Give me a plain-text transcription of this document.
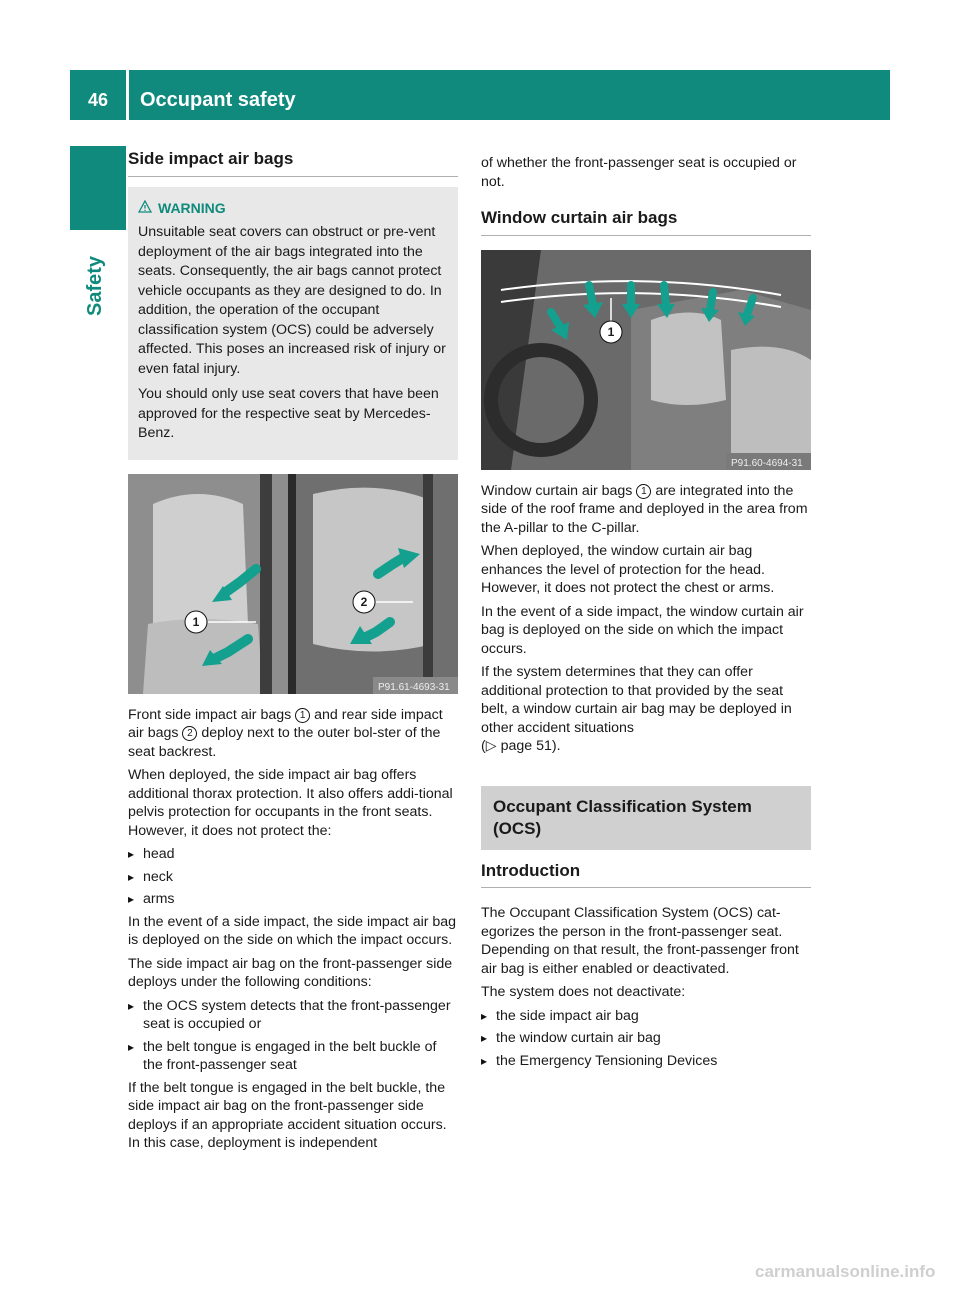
46	Occupant safety
Safety
Side impact air bags
WARNING

Unsuitable seat covers can obstruct or pre-vent deployment of the air bags integrated into the seats. Consequently, the air bags cannot protect vehicle occupants as they are designed to do. In addition, the operation of the occupant classification system (OCS) could be adversely affected. This poses an increased risk of injury or even fatal injury.

You should only use seat covers that have been approved for the respective seat by Mercedes-Benz.

1
2
P91.61-4693-31

Front side impact air bags 1 and rear side impact air bags 2 deploy next to the outer bol-ster of the seat backrest.

When deployed, the side impact air bag offers additional thorax protection. It also offers addi-tional pelvis protection for occupants in the front seats. However, it does not protect the:

▸ head
▸ neck
▸ arms

In the event of a side impact, the side impact air bag is deployed on the side on which the impact occurs.

The side impact air bag on the front-passenger side deploys under the following conditions:

▸ the OCS system detects that the front-passenger seat is occupied or
▸ the belt tongue is engaged in the belt buckle of the front-passenger seat

If the belt tongue is engaged in the belt buckle, the side impact air bag on the front-passenger side deploys if an appropriate accident situation occurs. In this case, deployment is independent

of whether the front-passenger seat is occupied or not.

Window curtain air bags
1
P91.60-4694-31

Window curtain air bags 1 are integrated into the side of the roof frame and deployed in the area from the A-pillar to the C-pillar.

When deployed, the window curtain air bag enhances the level of protection for the head. However, it does not protect the chest or arms.

In the event of a side impact, the window curtain air bag is deployed on the side on which the impact occurs.

If the system determines that they can offer additional protection to that provided by the seat belt, a window curtain air bag may be deployed in other accident situations
(▷ page 51).

Occupant Classification System (OCS)
Introduction

The Occupant Classification System (OCS) cat-egorizes the person in the front-passenger seat. Depending on that result, the front-passenger front air bag is either enabled or deactivated.

The system does not deactivate:

▸ the side impact air bag
▸ the window curtain air bag
▸ the Emergency Tensioning Devices
carmanualsonline.info
